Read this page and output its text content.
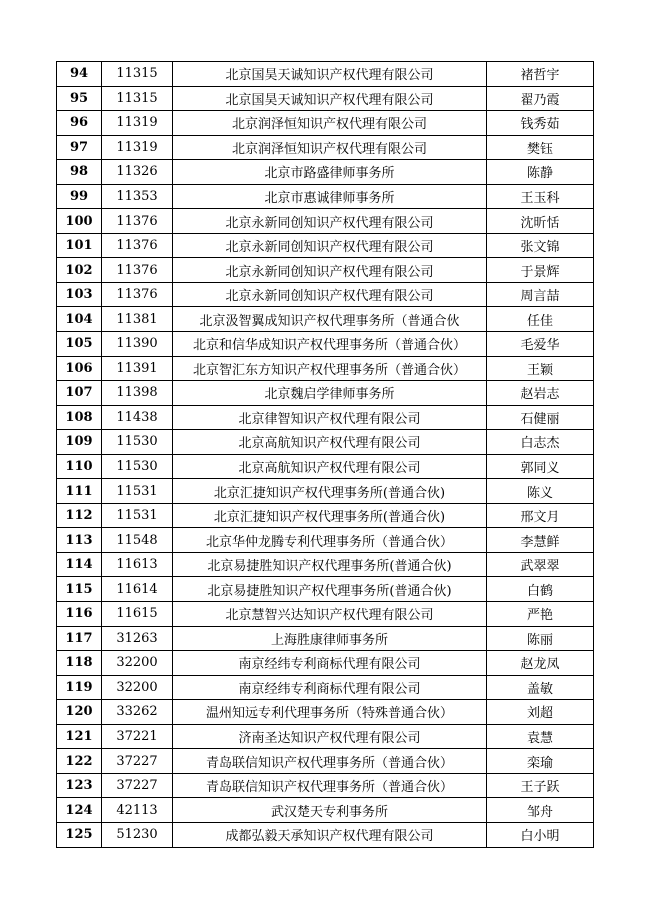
94	11315	北京国昊天诚知识产权代理有限公司	褚哲宇
95	11315	北京国昊天诚知识产权代理有限公司	翟乃霞
96	11319	北京润泽恒知识产权代理有限公司	钱秀茹
97	11319	北京润泽恒知识产权代理有限公司	樊钰
98	11326	北京市路盛律师事务所	陈静
99	11353	北京市惠诚律师事务所	王玉科
100	11376	北京永新同创知识产权代理有限公司	沈昕恬
101	11376	北京永新同创知识产权代理有限公司	张文锦
102	11376	北京永新同创知识产权代理有限公司	于景辉
103	11376	北京永新同创知识产权代理有限公司	周言喆
104	11381	北京汲智翼成知识产权代理事务所（普通合伙	任佳
105	11390	北京和信华成知识产权代理事务所（普通合伙）	毛爱华
106	11391	北京智汇东方知识产权代理事务所（普通合伙）	王颖
107	11398	北京魏启学律师事务所	赵岩志
108	11438	北京律智知识产权代理有限公司	石健丽
109	11530	北京高航知识产权代理有限公司	白志杰
110	11530	北京高航知识产权代理有限公司	郭同义
111	11531	北京汇捷知识产权代理事务所(普通合伙)	陈义
112	11531	北京汇捷知识产权代理事务所(普通合伙)	邢文月
113	11548	北京华仲龙腾专利代理事务所（普通合伙）	李慧鲜
114	11613	北京易捷胜知识产权代理事务所(普通合伙)	武翠翠
115	11614	北京易捷胜知识产权代理事务所(普通合伙)	白鹤
116	11615	北京慧智兴达知识产权代理有限公司	严艳
117	31263	上海胜康律师事务所	陈丽
118	32200	南京经纬专利商标代理有限公司	赵龙凤
119	32200	南京经纬专利商标代理有限公司	盖敏
120	33262	温州知远专利代理事务所（特殊普通合伙）	刘超
121	37221	济南圣达知识产权代理有限公司	袁慧
122	37227	青岛联信知识产权代理事务所（普通合伙）	栾瑜
123	37227	青岛联信知识产权代理事务所（普通合伙）	王子跃
124	42113	武汉楚天专利事务所	邹舟
125	51230	成都弘毅天承知识产权代理有限公司	白小明
